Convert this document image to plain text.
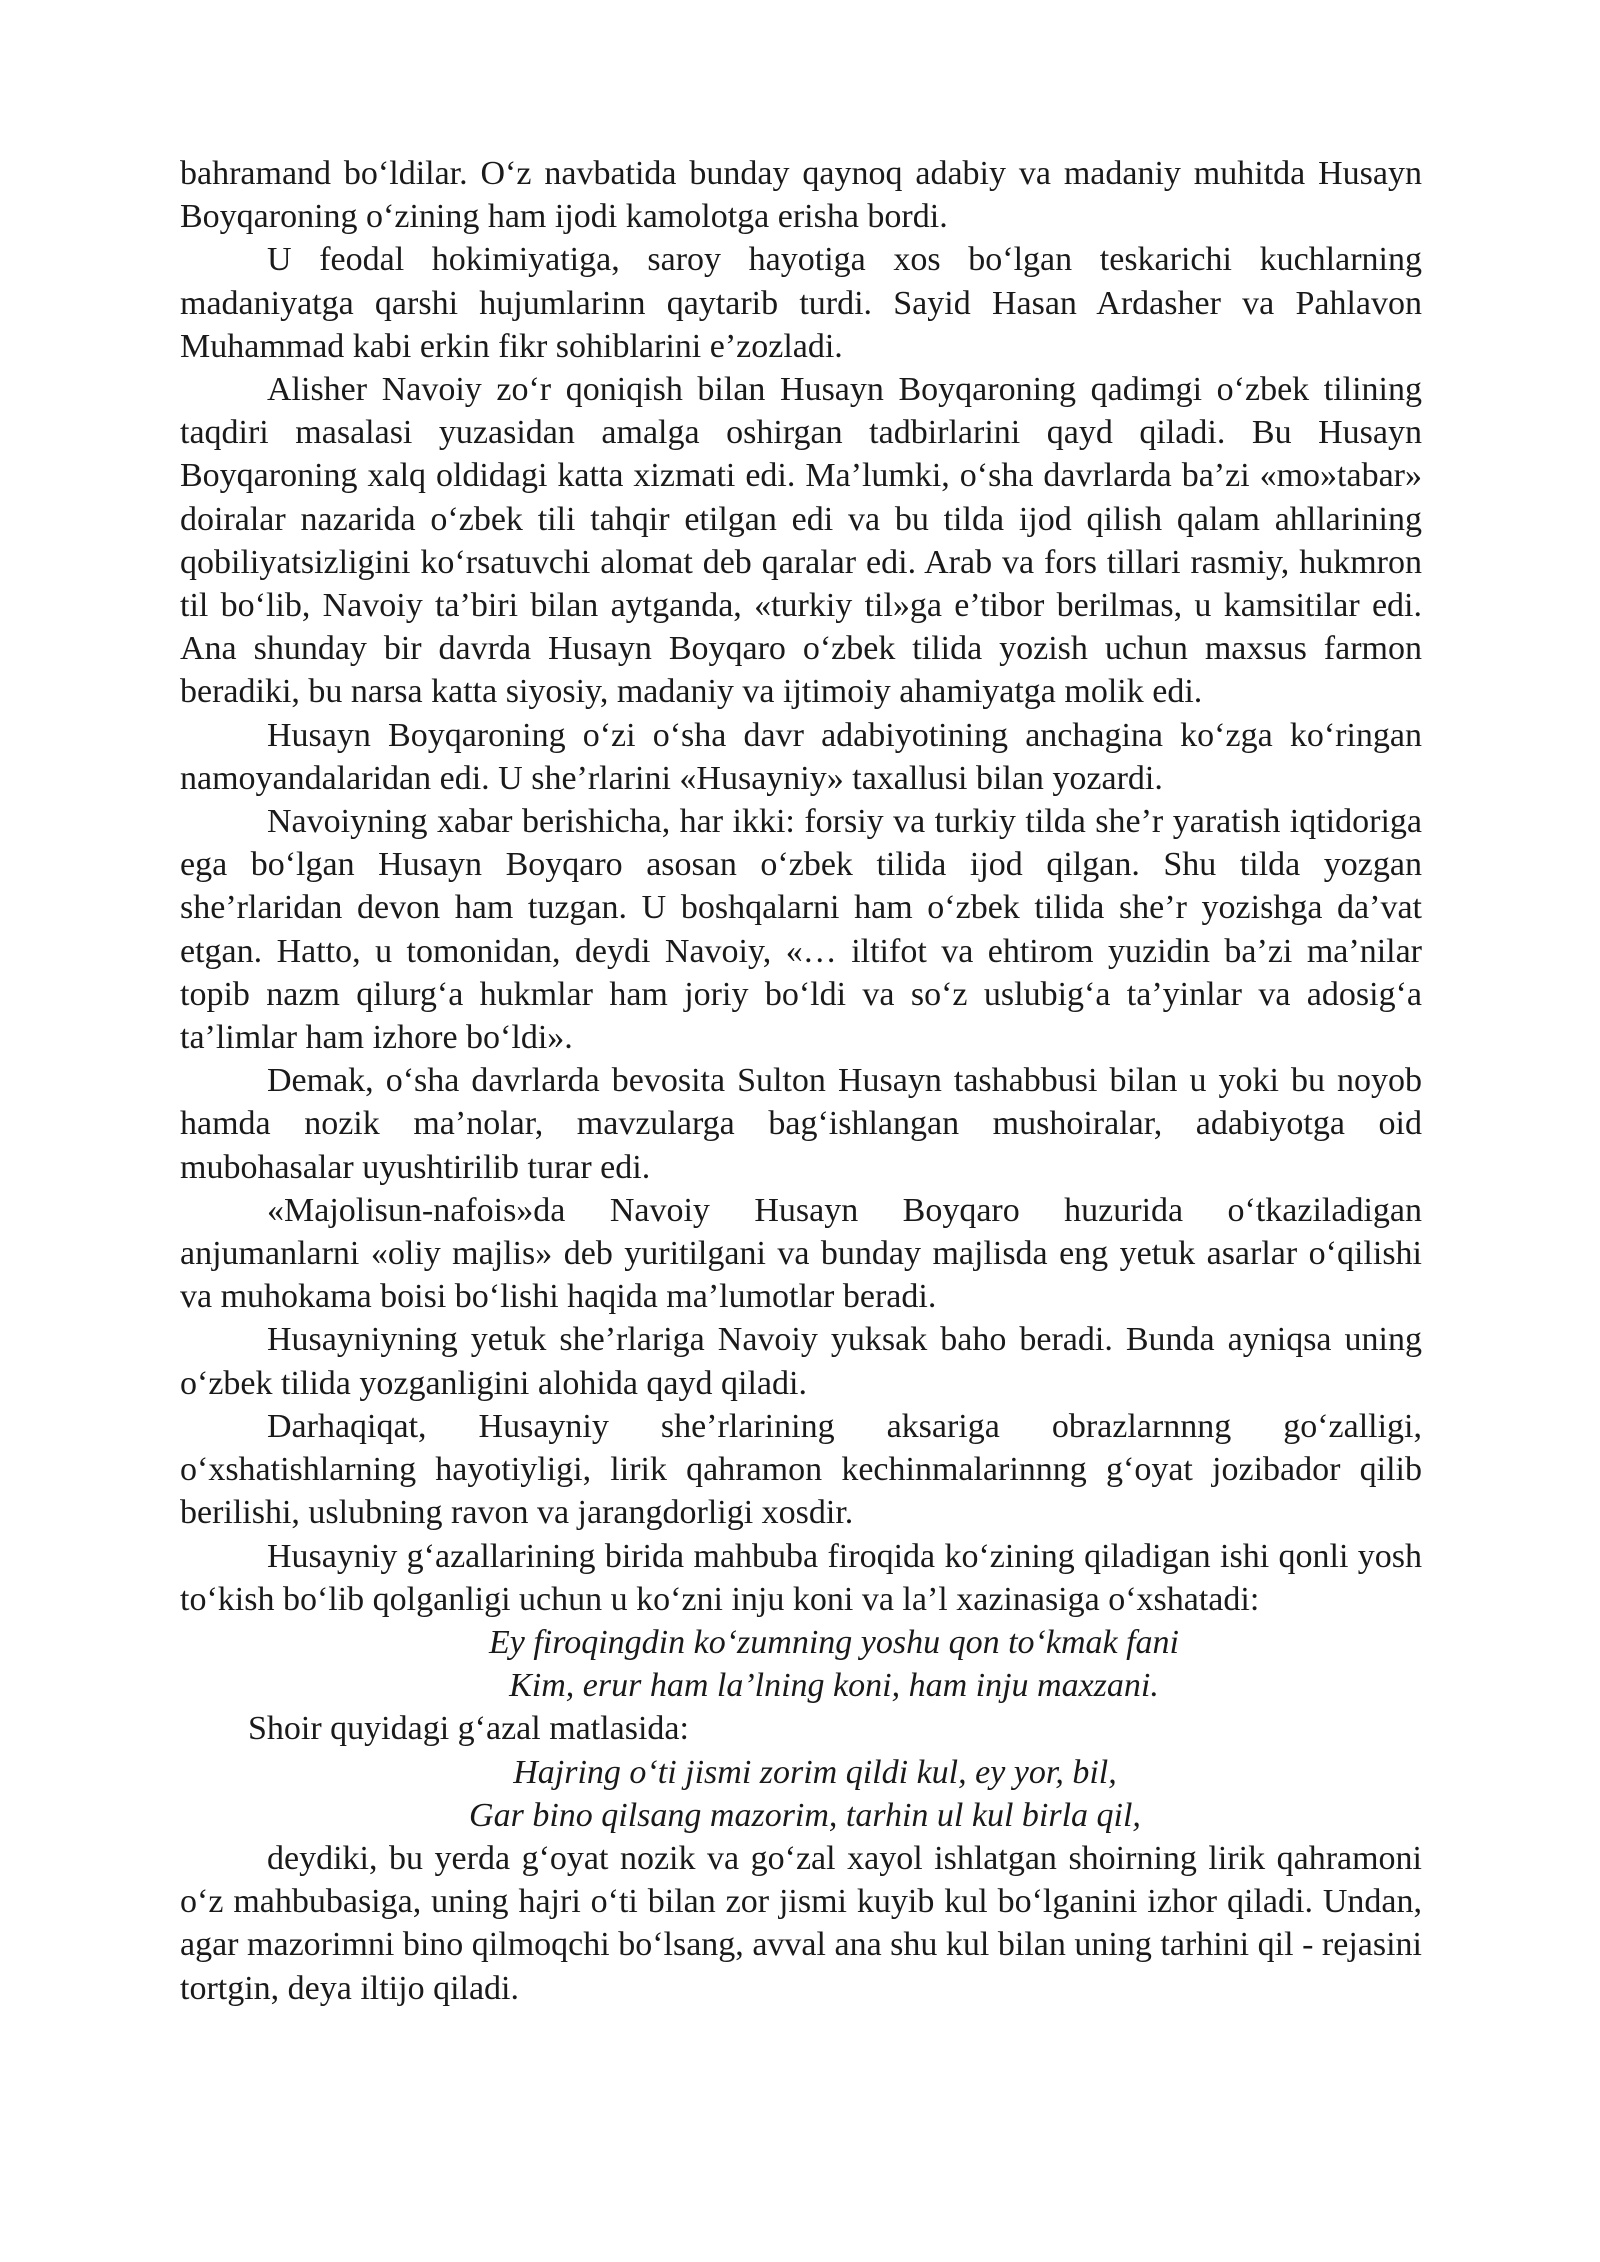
bahramand bo‘ldilar. O‘z navbatida bunday qaynoq adabiy va madaniy muhitda Husayn Boyqaroning o‘zining ham ijodi kamolotga erisha bordi.

U feodal hokimiyatiga, saroy hayotiga xos bo‘lgan teskarichi kuchlarning madaniyatga qarshi hujumlarinn qaytarib turdi. Sayid Hasan Ardasher va Pahlavon Muhammad kabi erkin fikr sohiblarini e’zozladi.

Alisher Navoiy zo‘r qoniqish bilan Husayn Boyqaroning qadimgi o‘zbek tilining taqdiri masalasi yuzasidan amalga oshirgan tadbirlarini qayd qiladi. Bu Husayn Boyqaroning xalq oldidagi katta xizmati edi. Ma’lumki, o‘sha davrlarda ba’zi «mo»tabar» doiralar nazarida o‘zbek tili tahqir etilgan edi va bu tilda ijod qilish qalam ahllarining qobiliyatsizligini ko‘rsatuvchi alomat deb qaralar edi. Arab va fors tillari rasmiy, hukmron til bo‘lib, Navoiy ta’biri bilan aytganda, «turkiy til»ga e’tibor berilmas, u kamsitilar edi. Ana shunday bir davrda Husayn Boyqaro o‘zbek tilida yozish uchun maxsus farmon beradiki, bu narsa katta siyosiy, madaniy va ijtimoiy ahamiyatga molik edi.

Husayn Boyqaroning o‘zi o‘sha davr adabiyotining anchagina ko‘zga ko‘ringan namoyandalaridan edi. U she’rlarini «Husayniy» taxallusi bilan yozardi.

Navoiyning xabar berishicha, har ikki: forsiy va turkiy tilda she’r yaratish iqtidoriga ega bo‘lgan Husayn Boyqaro asosan o‘zbek tilida ijod qilgan. Shu tilda yozgan she’rlaridan devon ham tuzgan. U boshqalarni ham o‘zbek tilida she’r yozishga da’vat etgan. Hatto, u tomonidan, deydi Navoiy, «… iltifot va ehtirom yuzidin ba’zi ma’nilar topib nazm qilurg‘a hukmlar ham joriy bo‘ldi va so‘z uslubig‘a ta’yinlar va adosig‘a ta’limlar ham izhore bo‘ldi».

Demak, o‘sha davrlarda bevosita Sulton Husayn tashabbusi bilan u yoki bu noyob hamda nozik ma’nolar, mavzularga bag‘ishlangan mushoiralar, adabiyotga oid mubohasalar uyushtirilib turar edi.

«Majolisun-nafois»da Navoiy Husayn Boyqaro huzurida o‘tkaziladigan anjumanlarni «oliy majlis» deb yuritilgani va bunday majlisda eng yetuk asarlar o‘qilishi va muhokama boisi bo‘lishi haqida ma’lumotlar beradi.

Husayniyning yetuk she’rlariga Navoiy yuksak baho beradi. Bunda ayniqsa uning o‘zbek tilida yozganligini alohida qayd qiladi.

Darhaqiqat, Husayniy she’rlarining aksariga obrazlarnnng go‘zalligi, o‘xshatishlarning hayotiyligi, lirik qahramon kechinmalarinnng g‘oyat jozibador qilib berilishi, uslubning ravon va jarangdorligi xosdir.

Husayniy g‘azallarining birida mahbuba firoqida ko‘zining qiladigan ishi qonli yosh to‘kish bo‘lib qolganligi uchun u ko‘zni inju koni va la’l xazinasiga o‘xshatadi:

Ey firoqingdin ko‘zumning yoshu qon to‘kmak fani
Kim, erur ham la’lning koni, ham inju maxzani.

Shoir quyidagi g‘azal matlasida:

Hajring o‘ti jismi zorim qildi kul, ey yor, bil,
Gar bino qilsang mazorim, tarhin ul kul birla qil,

deydiki, bu yerda g‘oyat nozik va go‘zal xayol ishlatgan shoirning lirik qahramoni o‘z mahbubasiga, uning hajri o‘ti bilan zor jismi kuyib kul bo‘lganini izhor qiladi. Undan, agar mazorimni bino qilmoqchi bo‘lsang, avval ana shu kul bilan uning tarhini qil - rejasini tortgin, deya iltijo qiladi.
